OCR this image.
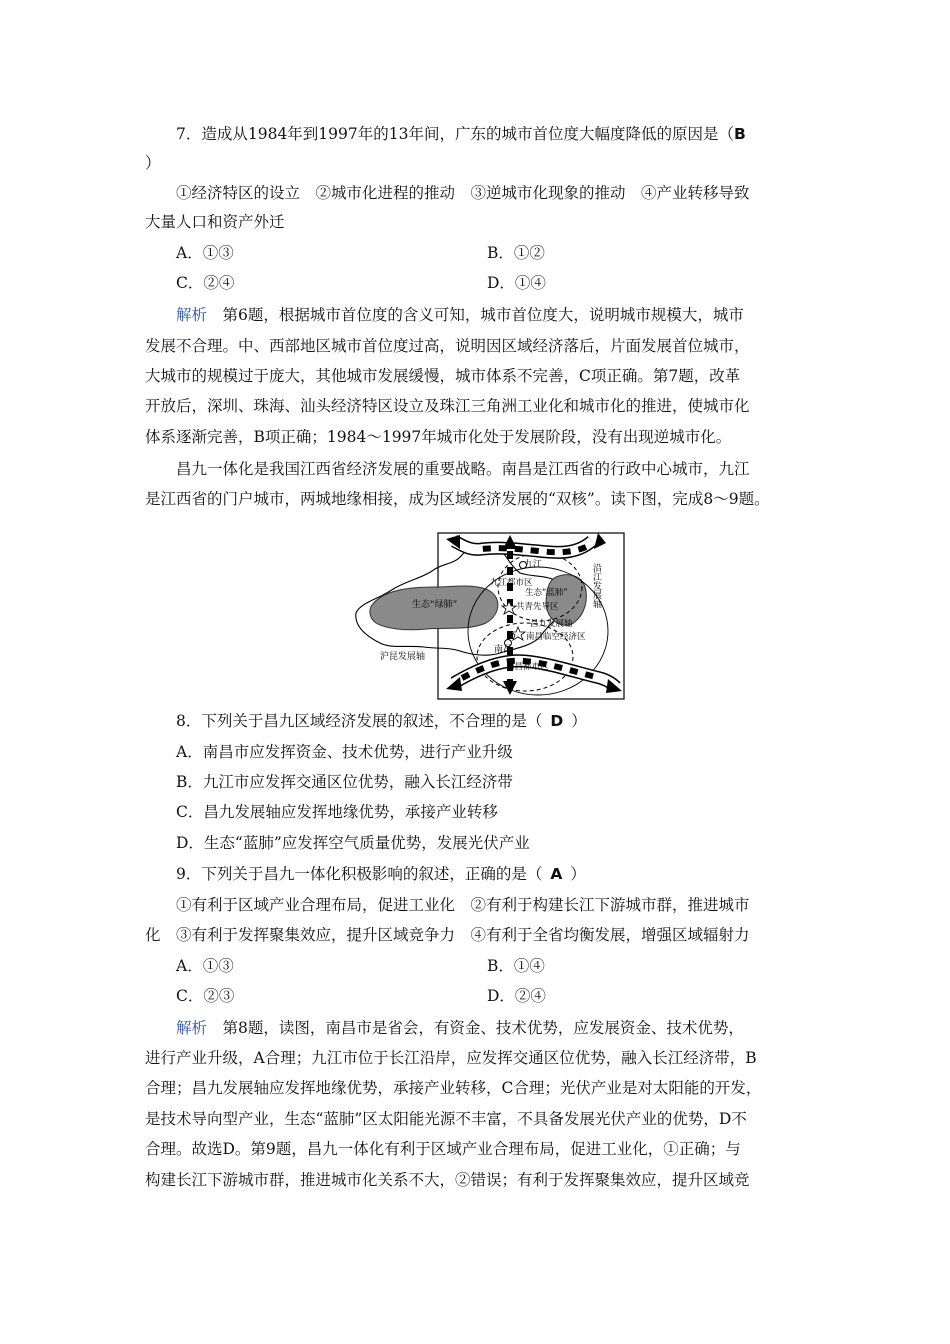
7．造成从1984年到1997年的13年间，广东的城市首位度大幅度降低的原因是（B
）
①经济特区的设立　②城市化进程的推动　③逆城市化现象的推动　④产业转移导致
大量人口和资产外迁
A．①③	B．①②
C．②④	D．①④
解析　第6题，根据城市首位度的含义可知，城市首位度大，说明城市规模大，城市
发展不合理。中、西部地区城市首位度过高，说明因区域经济落后，片面发展首位城市，
大城市的规模过于庞大，其他城市发展缓慢，城市体系不完善，C项正确。第7题，改革
开放后，深圳、珠海、汕头经济特区设立及珠江三角洲工业化和城市化的推进，使城市化
体系逐渐完善，B项正确；1984～1997年城市化处于发展阶段，没有出现逆城市化。
昌九一体化是我国江西省经济发展的重要战略。南昌是江西省的行政中心城市，九江
是江西省的门户城市，两城地缘相接，成为区域经济发展的“双核”。读下图，完成8～9题。
九江
九江都市区
生态“绿肺”
生态“蓝肺”
共青先导区
昌九发展轴
南昌临空经济区
南昌
南昌都市区
沪昆发展轴
沿江发展轴
8．下列关于昌九区域经济发展的叙述，不合理的是（ D ）
A．南昌市应发挥资金、技术优势，进行产业升级
B．九江市应发挥交通区位优势，融入长江经济带
C．昌九发展轴应发挥地缘优势，承接产业转移
D．生态“蓝肺”应发挥空气质量优势，发展光伏产业
9．下列关于昌九一体化积极影响的叙述，正确的是（ A ）
①有利于区域产业合理布局，促进工业化　②有利于构建长江下游城市群，推进城市
化　③有利于发挥聚集效应，提升区域竞争力　④有利于全省均衡发展，增强区域辐射力
A．①③	B．①④
C．②③	D．②④
解析　第8题，读图，南昌市是省会，有资金、技术优势，应发展资金、技术优势，
进行产业升级，A合理；九江市位于长江沿岸，应发挥交通区位优势，融入长江经济带，B
合理；昌九发展轴应发挥地缘优势，承接产业转移，C合理；光伏产业是对太阳能的开发，
是技术导向型产业，生态“蓝肺”区太阳能光源不丰富，不具备发展光伏产业的优势，D不
合理。故选D。第9题，昌九一体化有利于区域产业合理布局，促进工业化，①正确；与
构建长江下游城市群，推进城市化关系不大，②错误；有利于发挥聚集效应，提升区域竞
